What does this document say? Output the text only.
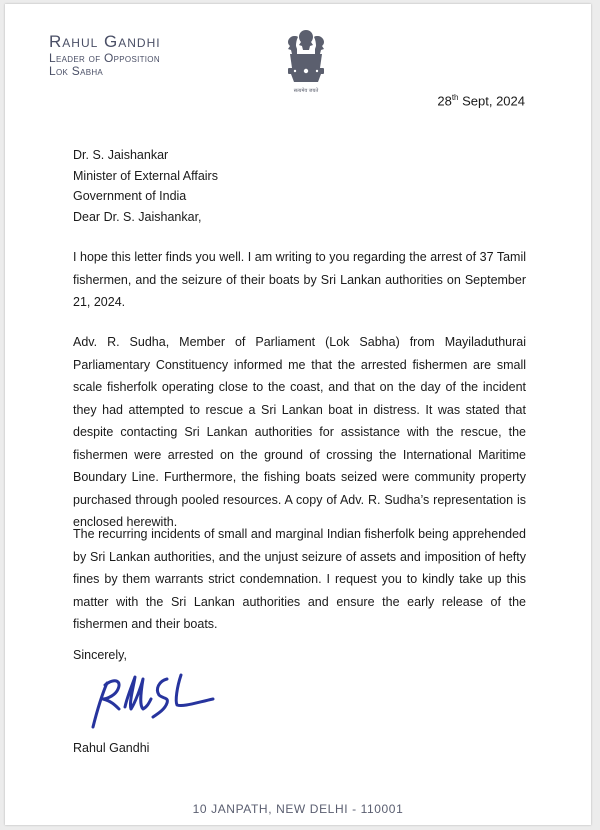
Rahul Gandhi
Leader of Opposition
Lok Sabha
सत्यमेव जयते
28th Sept, 2024
Dr. S. Jaishankar
Minister of External Affairs
Government of India
Dear Dr. S. Jaishankar,

I hope this letter finds you well. I am writing to you regarding the arrest of 37 Tamil fishermen, and the seizure of their boats by Sri Lankan authorities on September 21, 2024.

Adv. R. Sudha, Member of Parliament (Lok Sabha) from Mayiladuthurai Parliamentary Constituency informed me that the arrested fishermen are small scale fisherfolk operating close to the coast, and that on the day of the incident they had attempted to rescue a Sri Lankan boat in distress. It was stated that despite contacting Sri Lankan authorities for assistance with the rescue, the fishermen were arrested on the ground of crossing the International Maritime Boundary Line. Furthermore, the fishing boats seized were community property purchased through pooled resources. A copy of Adv. R. Sudha’s representation is enclosed herewith.

The recurring incidents of small and marginal Indian fisherfolk being apprehended by Sri Lankan authorities, and the unjust seizure of assets and imposition of hefty fines by them warrants strict condemnation. I request you to kindly take up this matter with the Sri Lankan authorities and ensure the early release of the fishermen and their boats.

Sincerely,
Rahul Gandhi
10 JANPATH, NEW DELHI - 110001
